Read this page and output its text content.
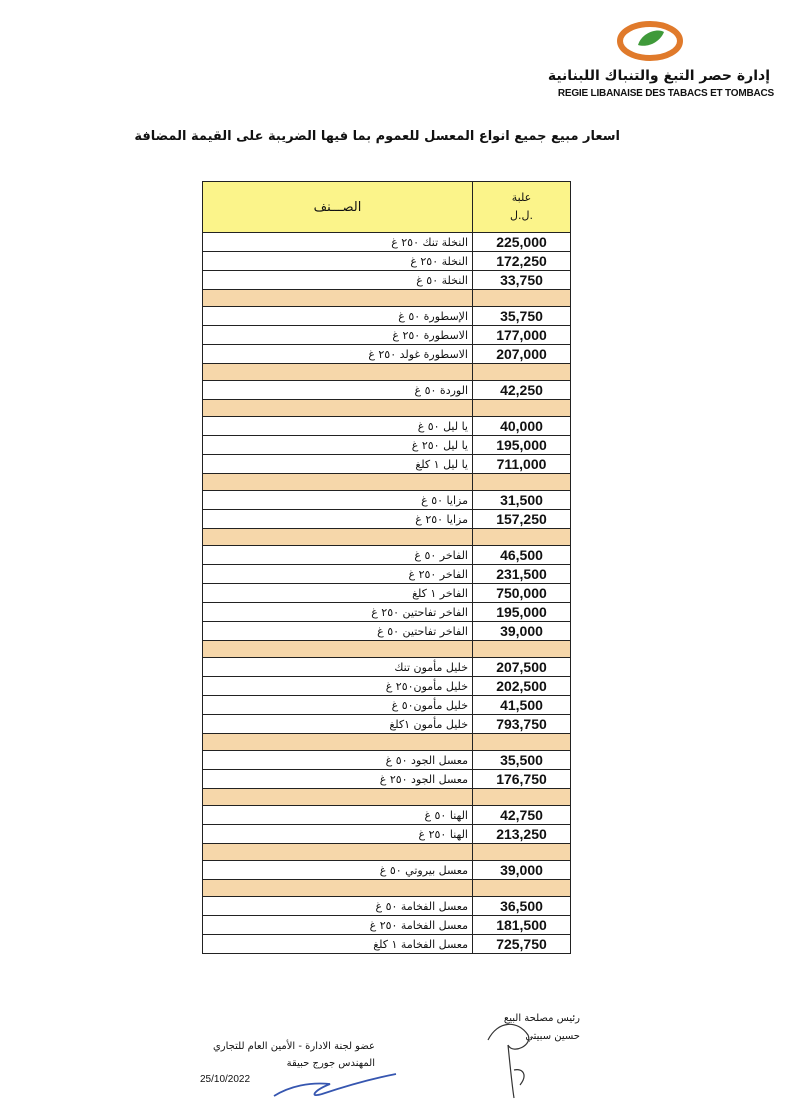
إدارة حصر التبغ والتنباك اللبنانية
REGIE LIBANAISE DES TABACS ET TOMBACS
اسعار مبيع جميع انواع المعسل للعموم بما فيها الضريبة على القيمة المضافة
الصـــنف	علبة
ل.ل.

النخلة تنك ٢٥٠ غ	225,000
النخلة ٢٥٠ غ	172,250
النخلة ٥٠ غ	33,750

الإسطورة ٥٠ غ	35,750
الاسطورة ٢٥٠ غ	177,000
الاسطورة غولد ٢٥٠ غ	207,000

الوردة ٥٠ غ	42,250

يا ليل ٥٠ غ	40,000
يا ليل ٢٥٠ غ	195,000
يا ليل ١ كلغ	711,000

مزايا ٥٠ غ	31,500
مزايا ٢٥٠ غ	157,250

الفاخر ٥٠ غ	46,500
الفاخر ٢٥٠ غ	231,500
الفاخر ١ كلغ	750,000
الفاخر تفاحتين ٢٥٠ غ	195,000
الفاخر تفاحتين ٥٠ غ	39,000

خليل مأمون تنك	207,500
خليل مأمون٢٥٠ غ	202,500
خليل مأمون٥٠ غ	41,500
خليل مأمون ١كلغ	793,750

معسل الجود ٥٠ غ	35,500
معسل الجود ٢٥٠ غ	176,750

الهنا ٥٠ غ	42,750
الهنا ٢٥٠ غ	213,250

معسل بيروتي ٥٠ غ	39,000

معسل الفخامة ٥٠ غ	36,500
معسل الفخامة ٢٥٠ غ	181,500
معسل الفخامة ١ كلغ	725,750
رئيس مصلحة البيع
حسين سبيتي
عضو لجنة الادارة - الأمين العام للتجاري
المهندس جورج حبيقة
25/10/2022
